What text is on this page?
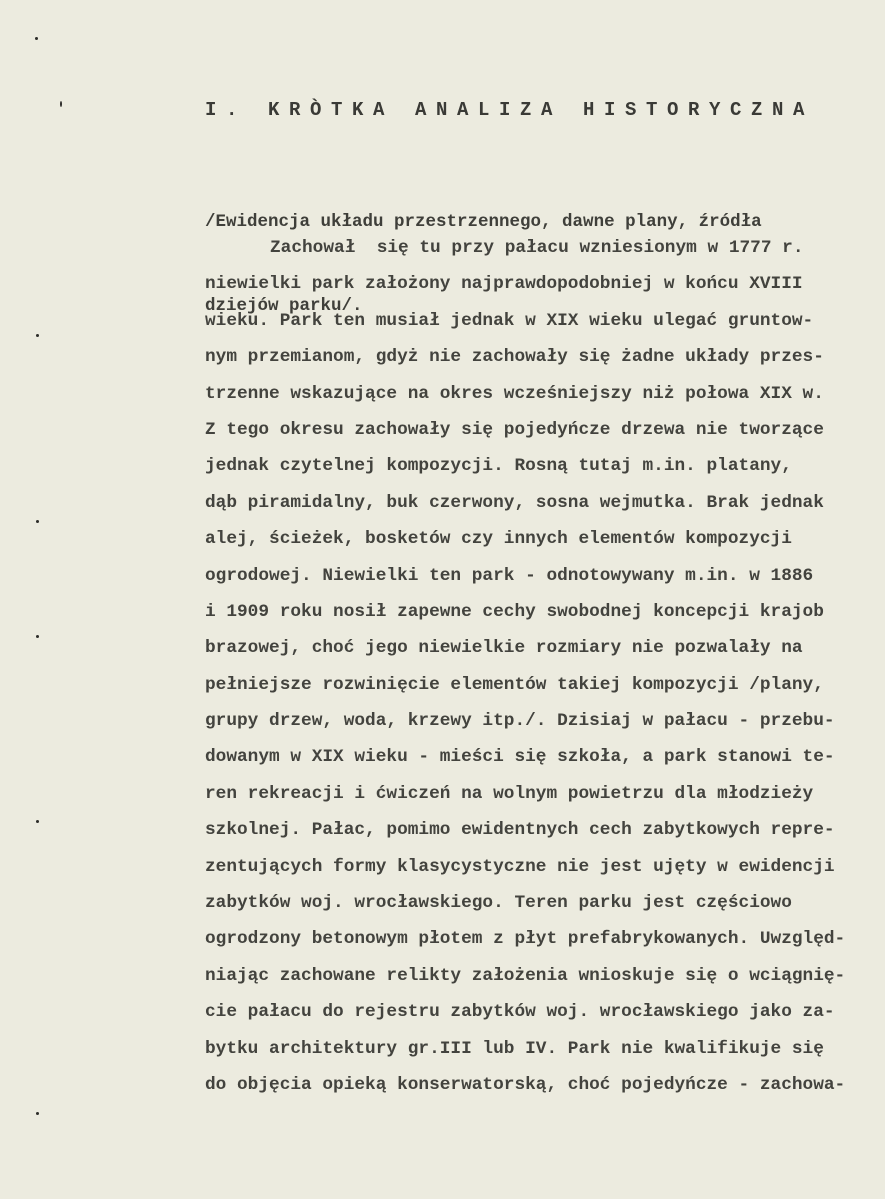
I. KRÒTKA ANALIZA HISTORYCZNA

/Ewidencja układu przestrzennego, dawne plany, źródła

dziejów parku/.

Zachował  się tu przy pałacu wzniesionym w 1777 r.
niewielki park założony najprawdopodobniej w końcu XVIII
wieku. Park ten musiał jednak w XIX wieku ulegać gruntow-
nym przemianom, gdyż nie zachowały się żadne układy przes-
trzenne wskazujące na okres wcześniejszy niż połowa XIX w.
Z tego okresu zachowały się pojedyńcze drzewa nie tworzące
jednak czytelnej kompozycji. Rosną tutaj m.in. platany,
dąb piramidalny, buk czerwony, sosna wejmutka. Brak jednak
alej, ścieżek, bosketów czy innych elementów kompozycji
ogrodowej. Niewielki ten park - odnotowywany m.in. w 1886
i 1909 roku nosił zapewne cechy swobodnej koncepcji krajob
brazowej, choć jego niewielkie rozmiary nie pozwalały na
pełniejsze rozwinięcie elementów takiej kompozycji /plany,
grupy drzew, woda, krzewy itp./. Dzisiaj w pałacu - przebu-
dowanym w XIX wieku - mieści się szkoła, a park stanowi te-
ren rekreacji i ćwiczeń na wolnym powietrzu dla młodzieży
szkolnej. Pałac, pomimo ewidentnych cech zabytkowych repre-
zentujących formy klasycystyczne nie jest ujęty w ewidencji
zabytków woj. wrocławskiego. Teren parku jest częściowo
ogrodzony betonowym płotem z płyt prefabrykowanych. Uwzględ-
niając zachowane relikty założenia wnioskuje się o wciągnię-
cie pałacu do rejestru zabytków woj. wrocławskiego jako za-
bytku architektury gr.III lub IV. Park nie kwalifikuje się
do objęcia opieką konserwatorską, choć pojedyńcze - zachowa-
